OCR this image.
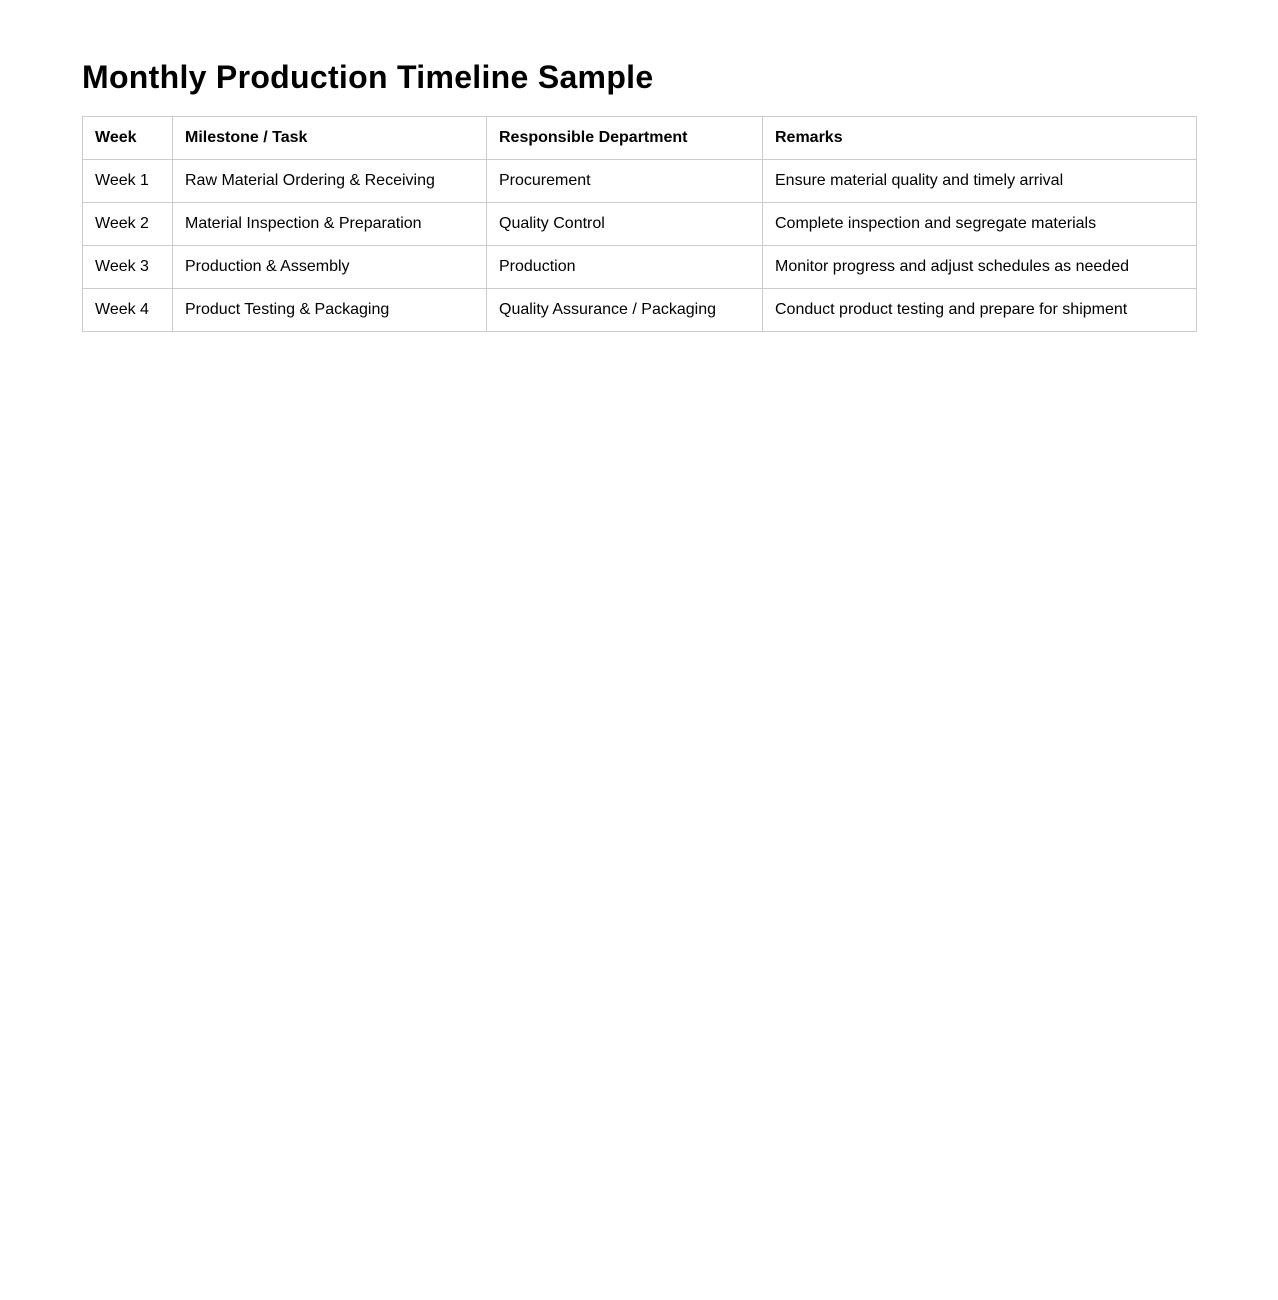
Monthly Production Timeline Sample
Week	Milestone / Task	Responsible Department	Remarks
Week 1	Raw Material Ordering & Receiving	Procurement	Ensure material quality and timely arrival
Week 2	Material Inspection & Preparation	Quality Control	Complete inspection and segregate materials
Week 3	Production & Assembly	Production	Monitor progress and adjust schedules as needed
Week 4	Product Testing & Packaging	Quality Assurance / Packaging	Conduct product testing and prepare for shipment
